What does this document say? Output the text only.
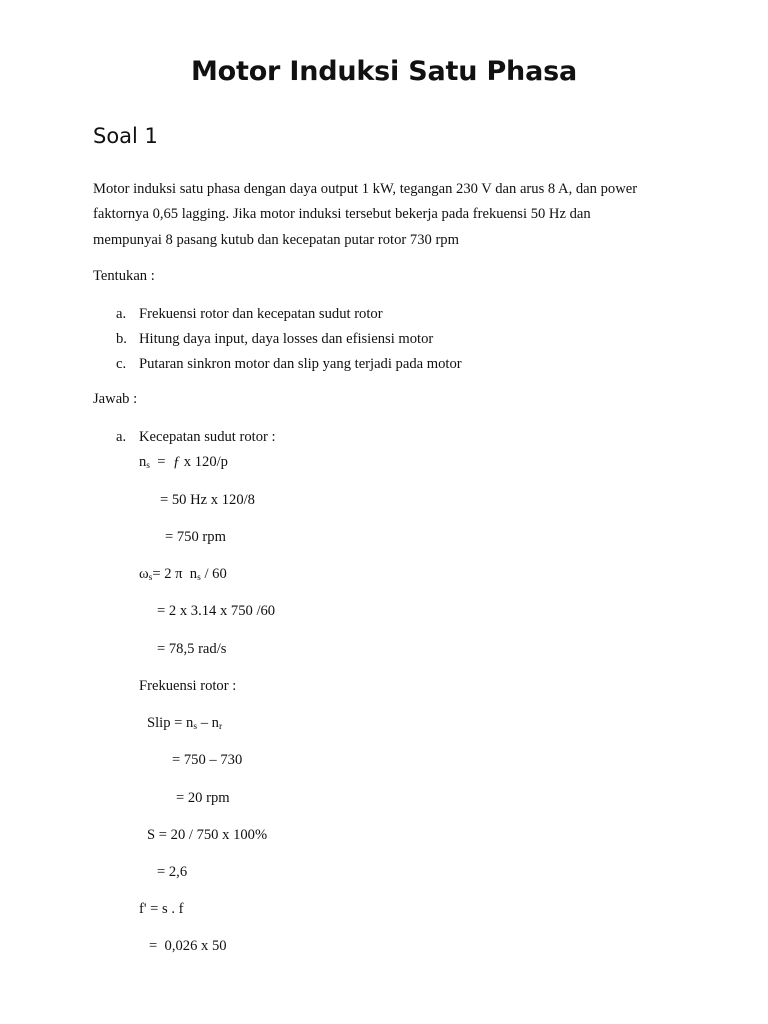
Motor Induksi Satu Phasa
Soal 1

Motor induksi satu phasa dengan daya output 1 kW, tegangan 230 V dan arus 8 A, dan power

faktornya 0,65 lagging. Jika motor induksi tersebut bekerja pada frekuensi 50 Hz dan

mempunyai 8 pasang kutub dan kecepatan putar rotor 730 rpm

Tentukan :

a. Frekuensi rotor dan kecepatan sudut rotor
b. Hitung daya input, daya losses dan efisiensi motor
c. Putaran sinkron motor dan slip yang terjadi pada motor

Jawab :

a. Kecepatan sudut rotor :

$n_s$  =  ƒ x 120/p

= 50 Hz x 120/8

= 750 rpm

$\omega_s= 2$ π  $n_s / 60$

= 2 x 3.14 x 750 /60

= 78,5 rad/s

Frekuensi rotor :

Slip = $n_s - n_r$

= 750 – 730

= 20 rpm

S = 20 / 750 x 100%

= 2,6

f' = s . f

=  0,026 x 50
